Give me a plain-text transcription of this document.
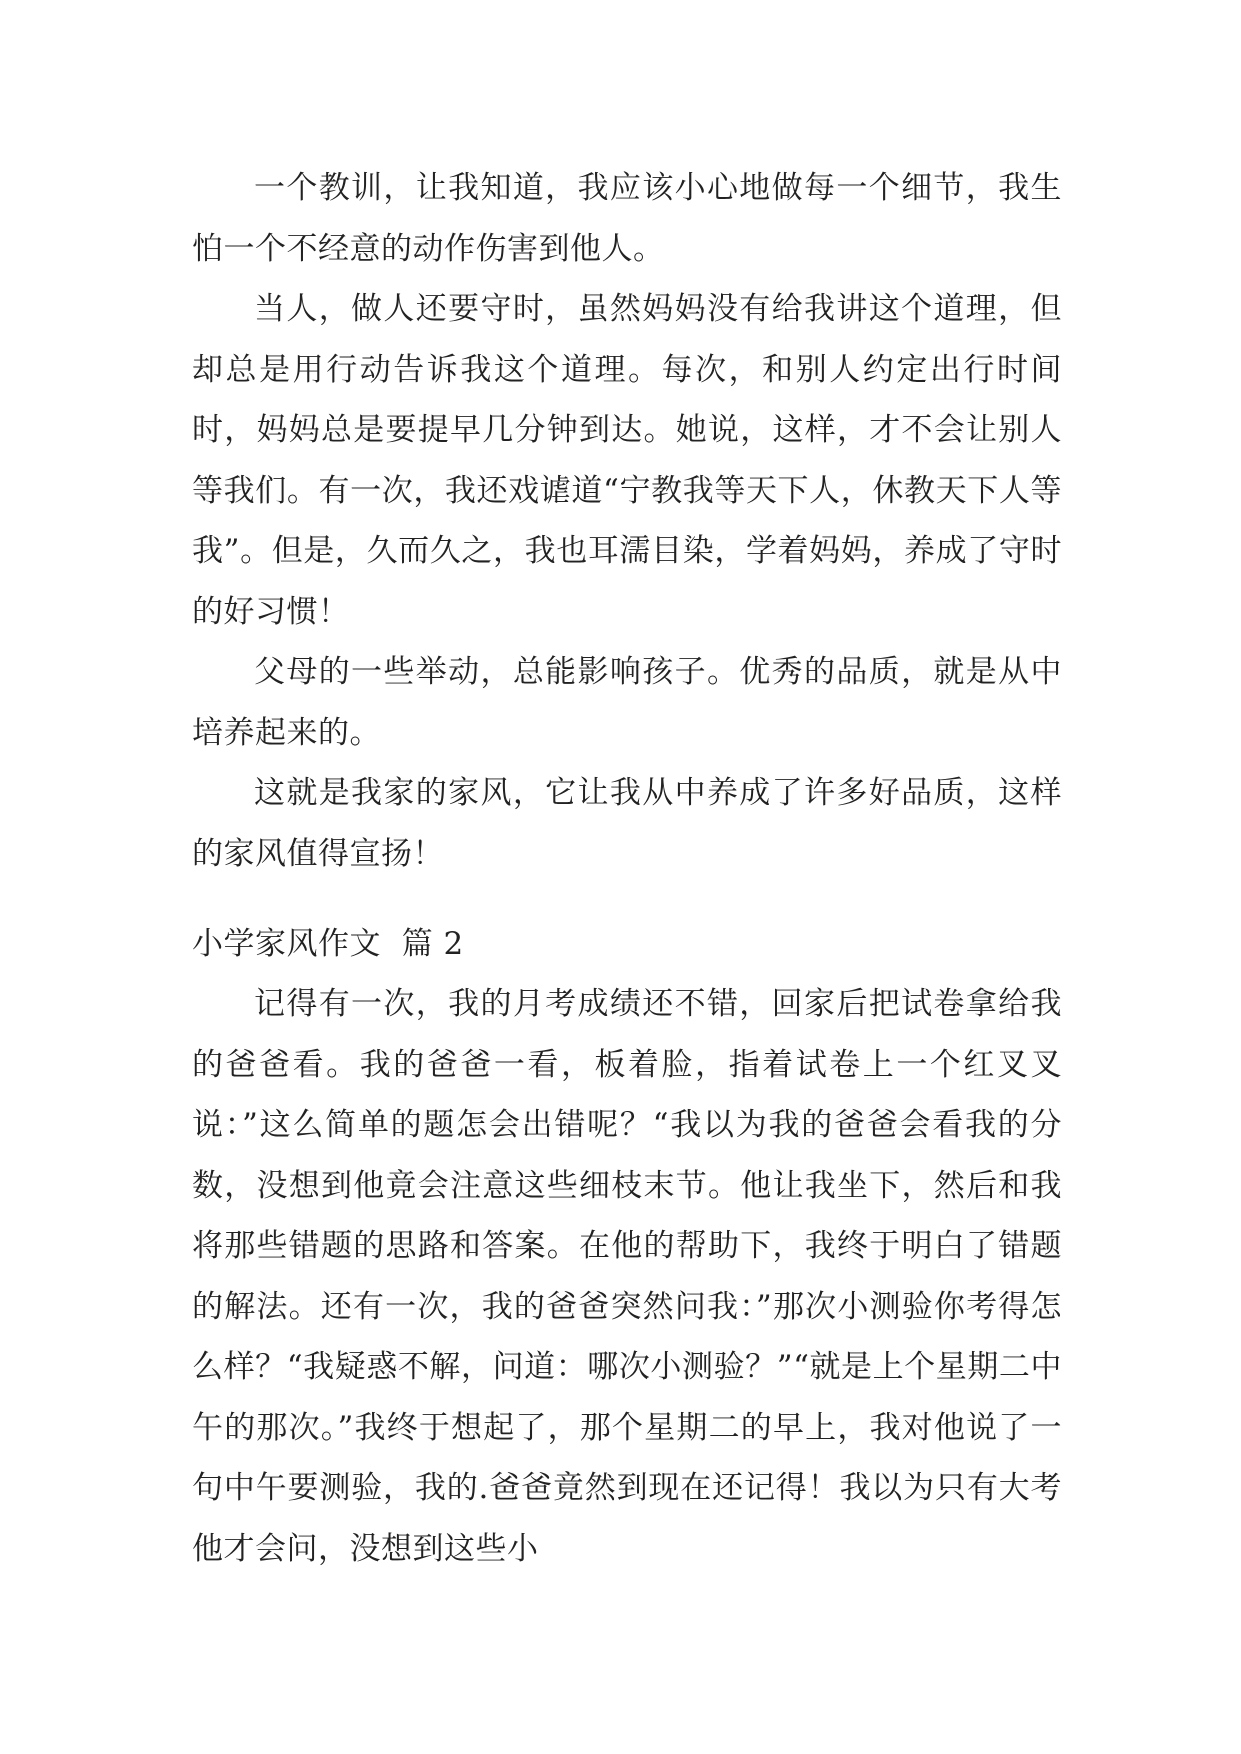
一个教训，让我知道，我应该小心地做每一个细节，我生怕一个不经意的动作伤害到他人。

当人，做人还要守时，虽然妈妈没有给我讲这个道理，但却总是用行动告诉我这个道理。每次，和别人约定出行时间时，妈妈总是要提早几分钟到达。她说，这样，才不会让别人等我们。有一次，我还戏谑道“宁教我等天下人，休教天下人等我”。但是，久而久之，我也耳濡目染，学着妈妈，养成了守时的好习惯！

父母的一些举动，总能影响孩子。优秀的品质，就是从中培养起来的。

这就是我家的家风，它让我从中养成了许多好品质，这样的家风值得宣扬！

小学家风作文  篇 2

记得有一次，我的月考成绩还不错，回家后把试卷拿给我的爸爸看。我的爸爸一看，板着脸，指着试卷上一个红叉叉说：”这么简单的题怎会出错呢？“我以为我的爸爸会看我的分数，没想到他竟会注意这些细枝末节。他让我坐下，然后和我将那些错题的思路和答案。在他的帮助下，我终于明白了错题的解法。还有一次，我的爸爸突然问我：”那次小测验你考得怎么样？“我疑惑不解，问道：哪次小测验？”“就是上个星期二中午的那次。”我终于想起了，那个星期二的早上，我对他说了一句中午要测验，我的.爸爸竟然到现在还记得！我以为只有大考他才会问，没想到这些小
